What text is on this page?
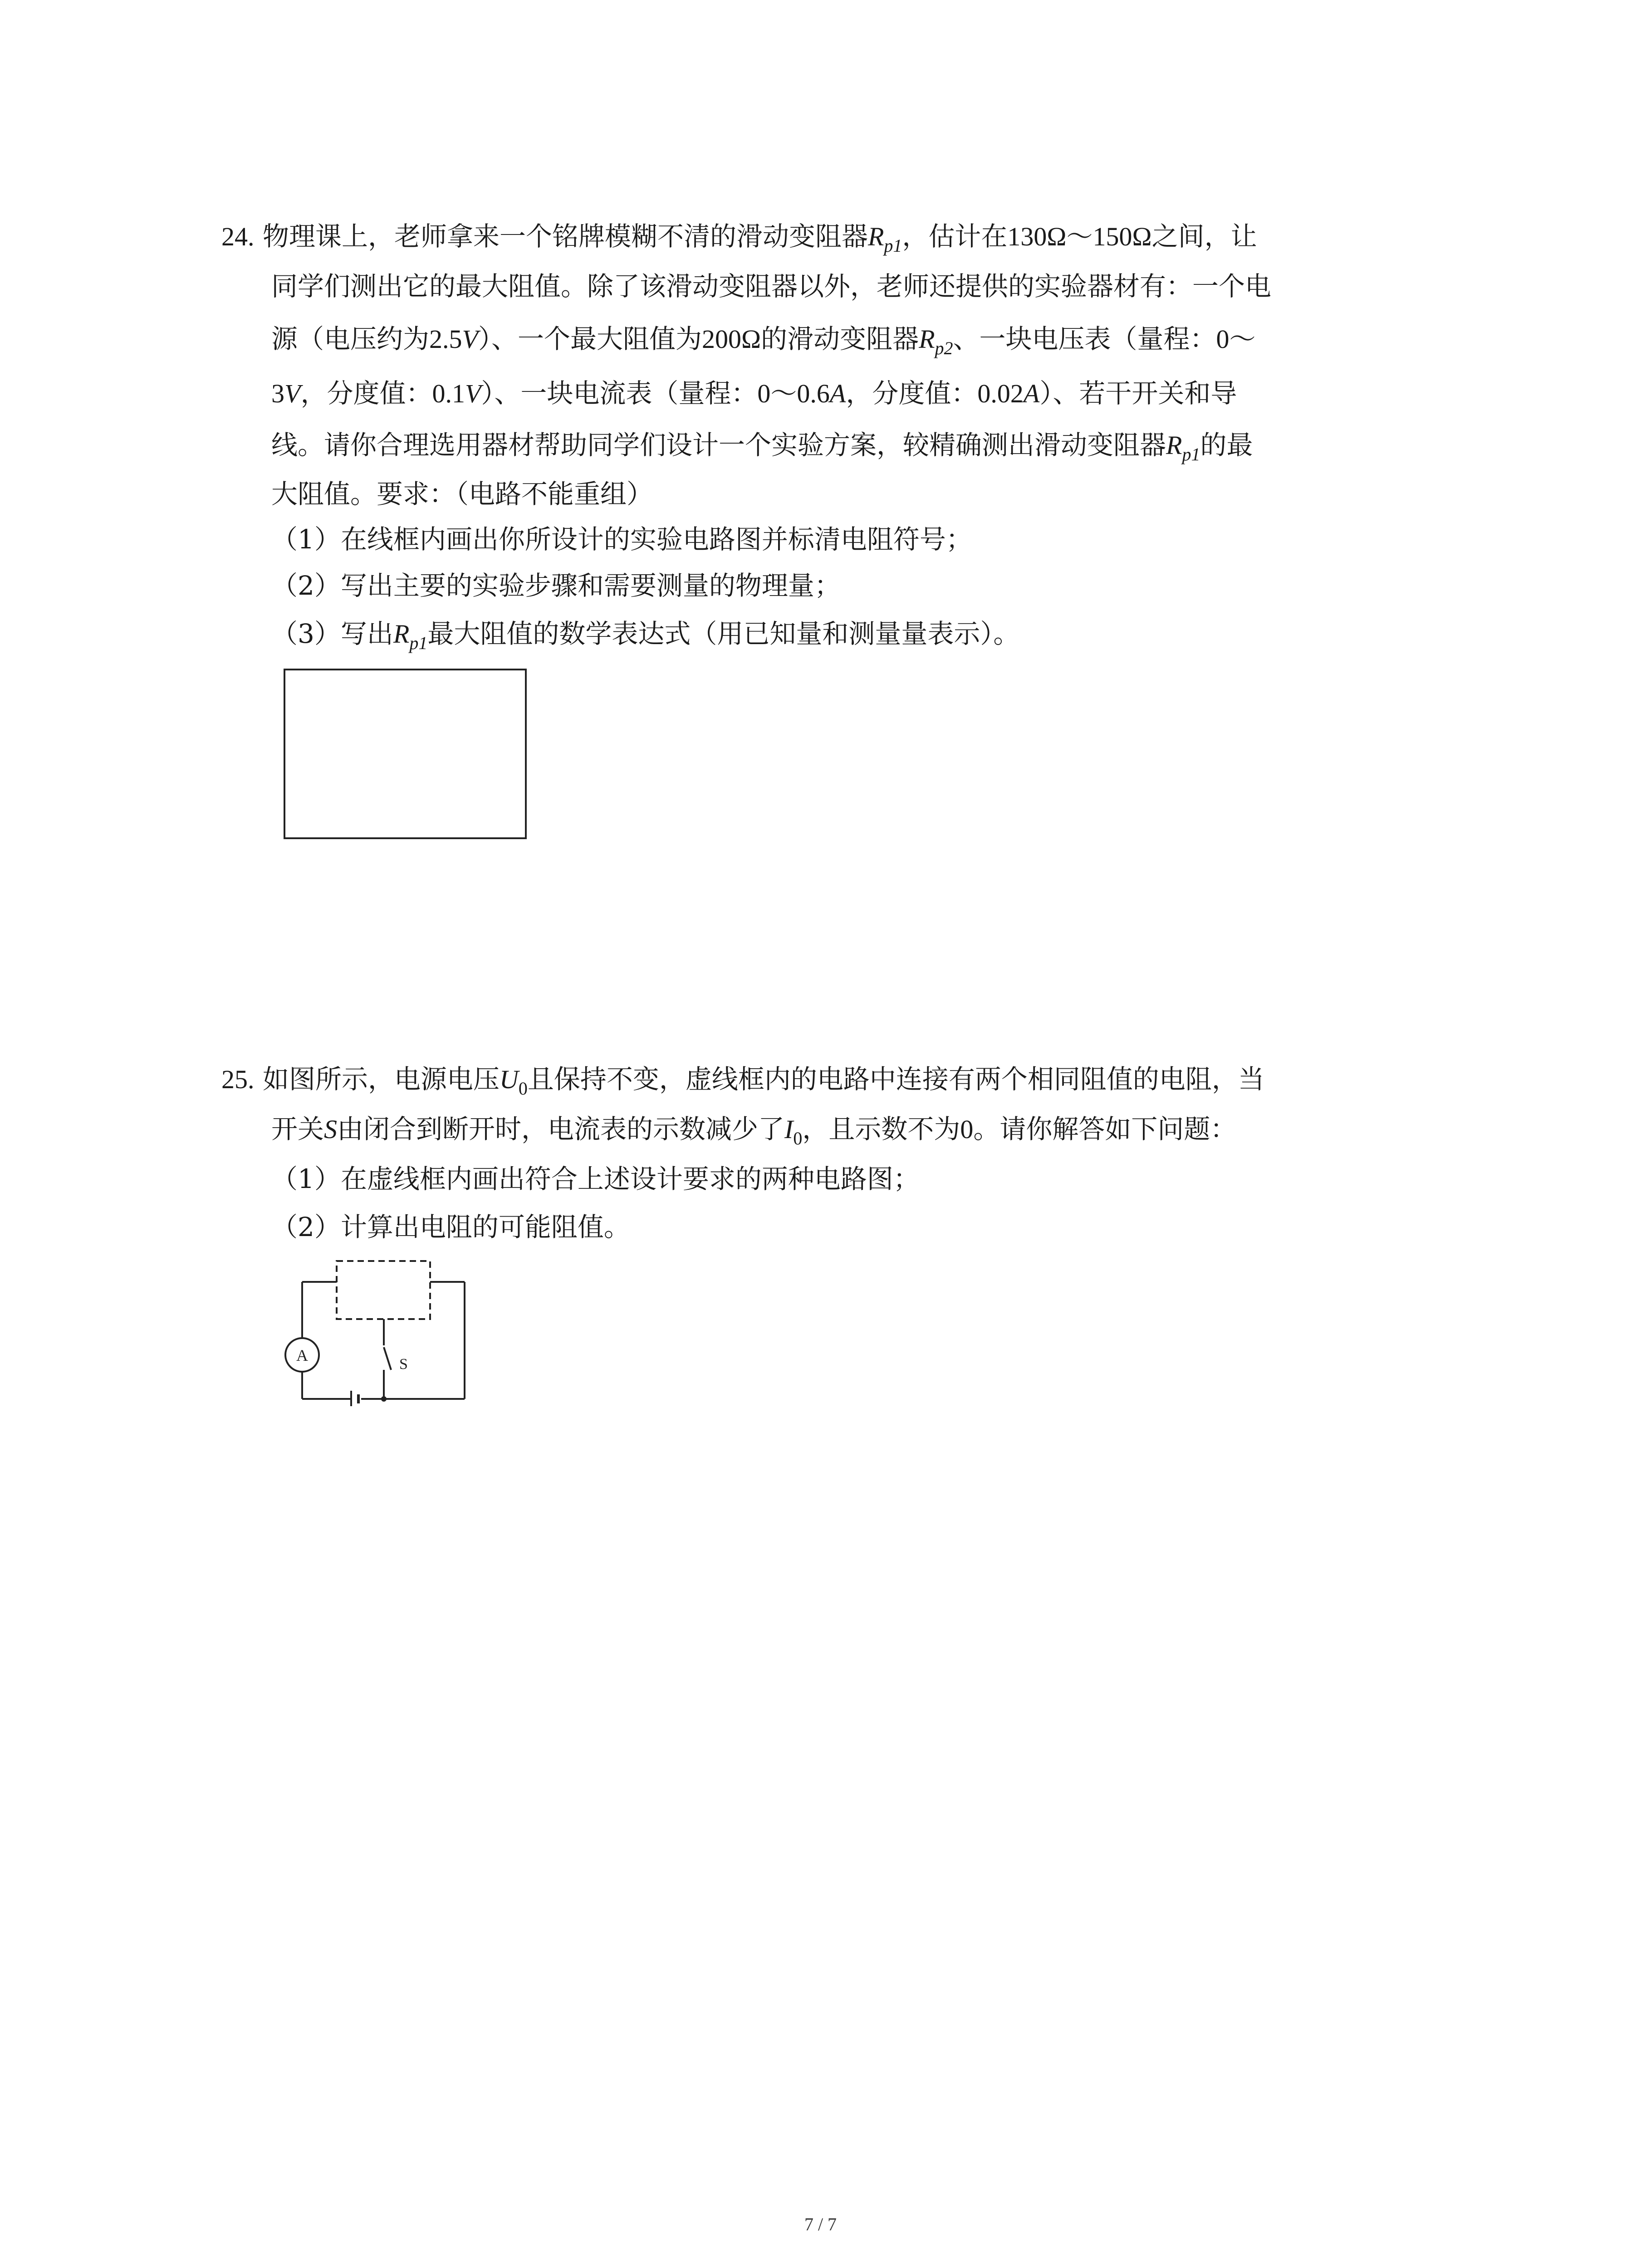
24. 物理课上，老师拿来一个铭牌模糊不清的滑动变阻器$R_{p1}$，估计在130Ω～150Ω之间，让
同学们测出它的最大阻值。除了该滑动变阻器以外，老师还提供的实验器材有：一个电
源（电压约为2.5V）、一个最大阻值为200Ω的滑动变阻器$R_{p2}$、一块电压表（量程：0～
3V，分度值：0.1V）、一块电流表（量程：0～0.6A，分度值：0.02A）、若干开关和导
线。请你合理选用器材帮助同学们设计一个实验方案，较精确测出滑动变阻器$R_{p1}$的最
大阻值。要求：（电路不能重组）
（1）在线框内画出你所设计的实验电路图并标清电阻符号；
（2）写出主要的实验步骤和需要测量的物理量；
（3）写出$R_{p1}$最大阻值的数学表达式（用已知量和测量量表示）。
25. 如图所示，电源电压$U_0$且保持不变，虚线框内的电路中连接有两个相同阻值的电阻，当
开关S由闭合到断开时，电流表的示数减少了$I_0$，且示数不为0。请你解答如下问题：
（1）在虚线框内画出符合上述设计要求的两种电路图；
（2）计算出电阻的可能阻值。
A	S
7 / 7
